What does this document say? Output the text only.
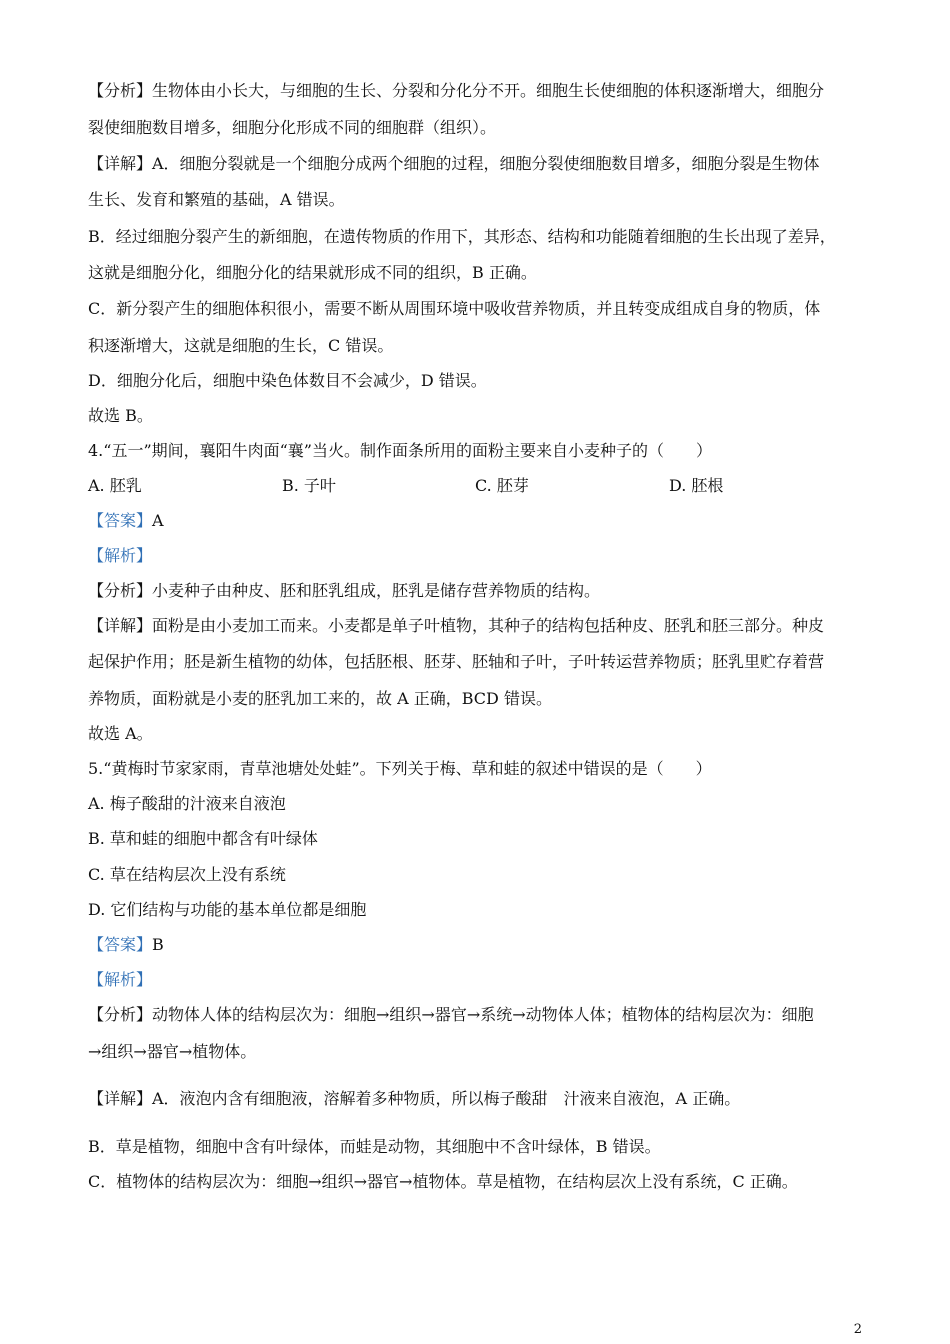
【分析】生物体由小长大，与细胞的生长、分裂和分化分不开。细胞生长使细胞的体积逐渐增大，细胞分
裂使细胞数目增多，细胞分化形成不同的细胞群（组织）。
【详解】A．细胞分裂就是一个细胞分成两个细胞的过程，细胞分裂使细胞数目增多，细胞分裂是生物体
生长、发育和繁殖的基础，A 错误。
B．经过细胞分裂产生的新细胞，在遗传物质的作用下，其形态、结构和功能随着细胞的生长出现了差异，
这就是细胞分化，细胞分化的结果就形成不同的组织，B 正确。
C．新分裂产生的细胞体积很小，需要不断从周围环境中吸收营养物质，并且转变成组成自身的物质，体
积逐渐增大，这就是细胞的生长，C 错误。
D．细胞分化后，细胞中染色体数目不会减少，D 错误。
故选 B。
4.“五一”期间，襄阳牛肉面“襄”当火。制作面条所用的面粉主要来自小麦种子的（　　）
A. 胚乳	B. 子叶	C. 胚芽	D. 胚根
【答案】A
【解析】
【分析】小麦种子由种皮、胚和胚乳组成，胚乳是储存营养物质的结构。
【详解】面粉是由小麦加工而来。小麦都是单子叶植物，其种子的结构包括种皮、胚乳和胚三部分。种皮
起保护作用；胚是新生植物的幼体，包括胚根、胚芽、胚轴和子叶，子叶转运营养物质；胚乳里贮存着营
养物质，面粉就是小麦的胚乳加工来的，故 A 正确，BCD 错误。
故选 A。
5.“黄梅时节家家雨，青草池塘处处蛙”。下列关于梅、草和蛙的叙述中错误的是（　　）
A. 梅子酸甜的汁液来自液泡
B. 草和蛙的细胞中都含有叶绿体
C. 草在结构层次上没有系统
D. 它们结构与功能的基本单位都是细胞
【答案】B
【解析】
【分析】动物体人体的结构层次为：细胞→组织→器官→系统→动物体人体；植物体的结构层次为：细胞
→组织→器官→植物体。
【详解】A．液泡内含有细胞液，溶解着多种物质，所以梅子酸甜　汁液来自液泡，A 正确。
B．草是植物，细胞中含有叶绿体，而蛙是动物，其细胞中不含叶绿体，B 错误。
C．植物体的结构层次为：细胞→组织→器官→植物体。草是植物，在结构层次上没有系统，C 正确。
2
